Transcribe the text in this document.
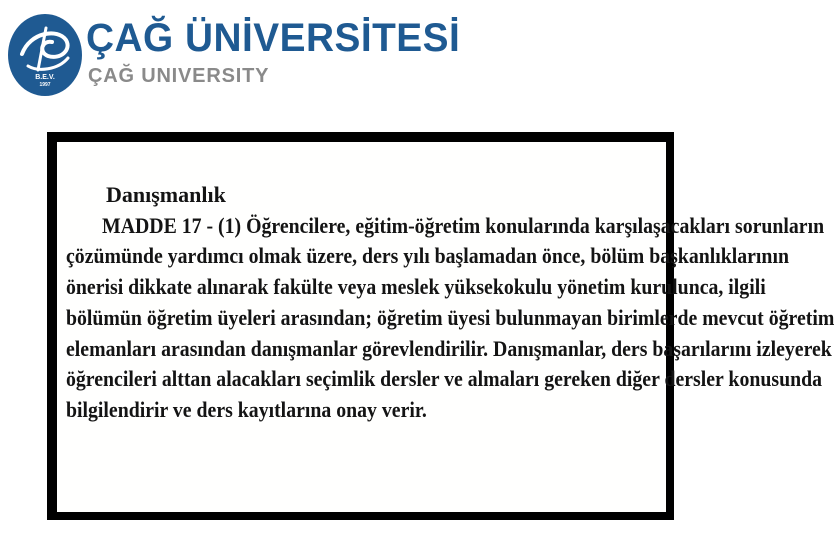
B.E.V.
1997
ÇAĞ ÜNİVERSİTESİ
ÇAĞ UNIVERSITY
Danışmanlık
MADDE 17 - (1) Öğrencilere, eğitim-öğretim konularında karşılaşacakları sorunların
çözümünde yardımcı olmak üzere, ders yılı başlamadan önce, bölüm başkanlıklarının
önerisi dikkate alınarak fakülte veya meslek yüksekokulu yönetim kurulunca, ilgili
bölümün öğretim üyeleri arasından; öğretim üyesi bulunmayan birimlerde mevcut öğretim
elemanları arasından danışmanlar görevlendirilir. Danışmanlar, ders başarılarını izleyerek
öğrencileri alttan alacakları seçimlik dersler ve almaları gereken diğer dersler konusunda
bilgilendirir ve ders kayıtlarına onay verir.
